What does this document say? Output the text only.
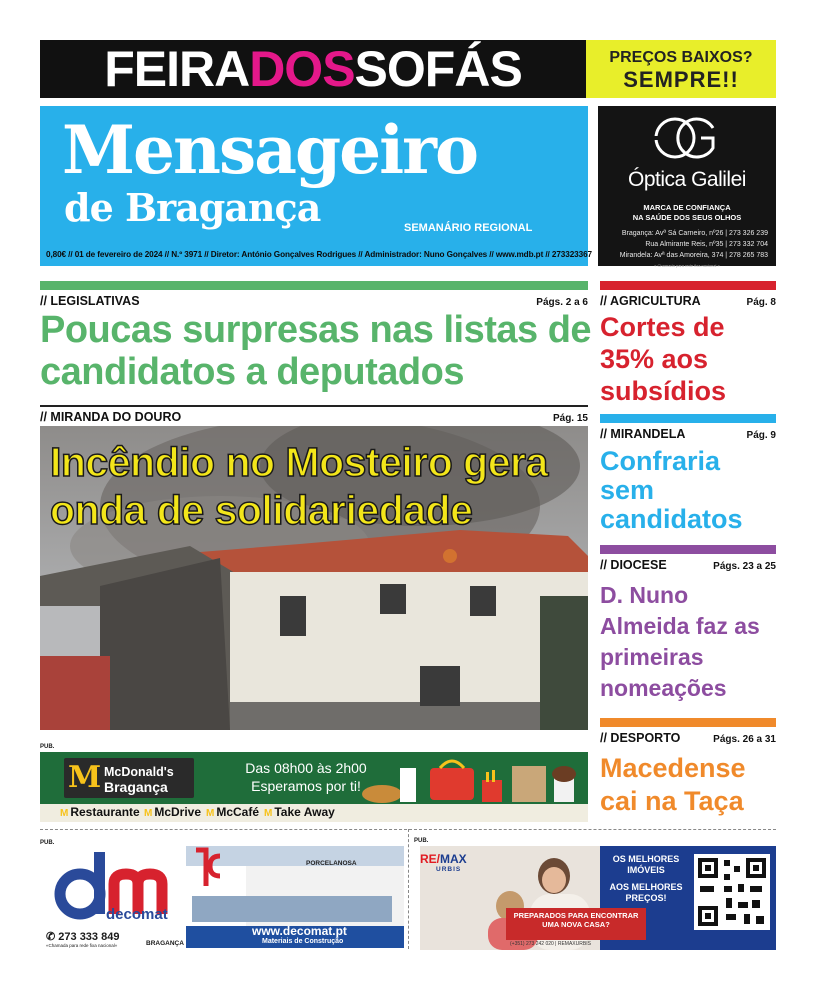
FEIRA DOS SOFÁS	PREÇOS BAIXOS?
SEMPRE!!
Mensageiro
de Bragança	SEMANÁRIO REGIONAL
0,80€ // 01 de fevereiro de 2024 // N.º 3971 // Diretor: António Gonçalves Rodrigues // Administrador: Nuno Gonçalves // www.mdb.pt // 273323367
Óptica Galilei
MARCA DE CONFIANÇA
NA SAÚDE DOS SEUS OLHOS
Bragança: Avª Sá Carneiro, nº26 | 273 326 239
Rua Almirante Reis, nº35 | 273 332 704
Mirandela: Avª das Amoreira, 374 | 278 265 783
« Chamada para rede fixa nacional »
// LEGISLATIVAS	Págs. 2 a 6
Poucas surpresas nas listas de candidatos a deputados
// MIRANDA DO DOURO	Pág. 15
Incêndio no Mosteiro gera onda de solidariedade
PUB.
M McDonald's
Bragança
Das 08h00 às 2h00
Esperamos por ti!
M Restaurante M McDrive M McCafé M Take Away
// AGRICULTURA	Pág. 8
Cortes de 35% aos subsídios
// MIRANDELA	Pág. 9
Confraria sem candidatos
// DIOCESE	Págs. 23 a 25
D. Nuno Almeida faz as primeiras nomeações
// DESPORTO	Págs. 26 a 31
Macedense cai na Taça
PUB.
decomat
✆ 273 333 849
«Chamada para rede fixa nacional»	BRAGANÇA
PORCELANOSA
www.decomat.pt
Materiais de Construção
PUB.
RE/MAX
URBIS
OS MELHORES IMÓVEIS
AOS MELHORES PREÇOS!
PREPARADOS PARA ENCONTRAR UMA NOVA CASA?
(+351) 273 242 020 | REMAXURBIS
